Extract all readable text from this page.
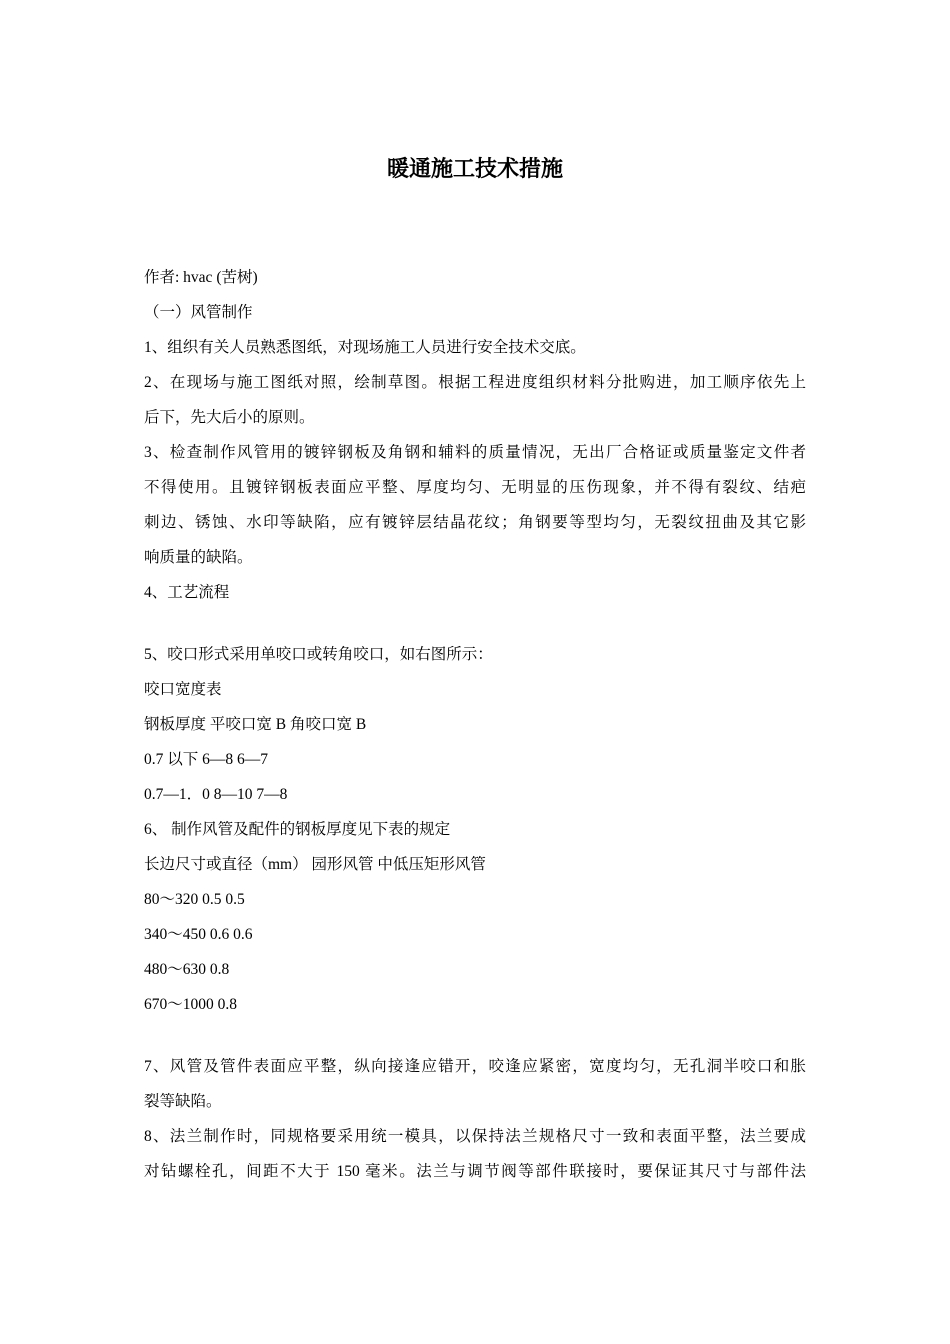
暖通施工技术措施
作者: hvac (苦树)
（一）风管制作
1、组织有关人员熟悉图纸，对现场施工人员进行安全技术交底。
2、在现场与施工图纸对照，绘制草图。根据工程进度组织材料分批购进，加工顺序依先上
后下，先大后小的原则。
3、检查制作风管用的镀锌钢板及角钢和辅料的质量情况，无出厂合格证或质量鉴定文件者
不得使用。且镀锌钢板表面应平整、厚度均匀、无明显的压伤现象，并不得有裂纹、结疤
刺边、锈蚀、水印等缺陷，应有镀锌层结晶花纹；角钢要等型均匀，无裂纹扭曲及其它影
响质量的缺陷。
4、工艺流程
5、咬口形式采用单咬口或转角咬口，如右图所示：
咬口宽度表
钢板厚度 平咬口宽 B 角咬口宽 B
0.7 以下 6—8 6—7
0.7—1．0 8—10 7—8
6、 制作风管及配件的钢板厚度见下表的规定
长边尺寸或直径（mm） 园形风管 中低压矩形风管
80～320 0.5 0.5
340～450 0.6 0.6
480～630 0.8
670～1000 0.8
7、风管及管件表面应平整，纵向接逢应错开，咬逢应紧密，宽度均匀，无孔洞半咬口和胀
裂等缺陷。
8、法兰制作时，同规格要采用统一模具，以保持法兰规格尺寸一致和表面平整，法兰要成
对钻螺栓孔，间距不大于 150 毫米。法兰与调节阀等部件联接时，要保证其尺寸与部件法
